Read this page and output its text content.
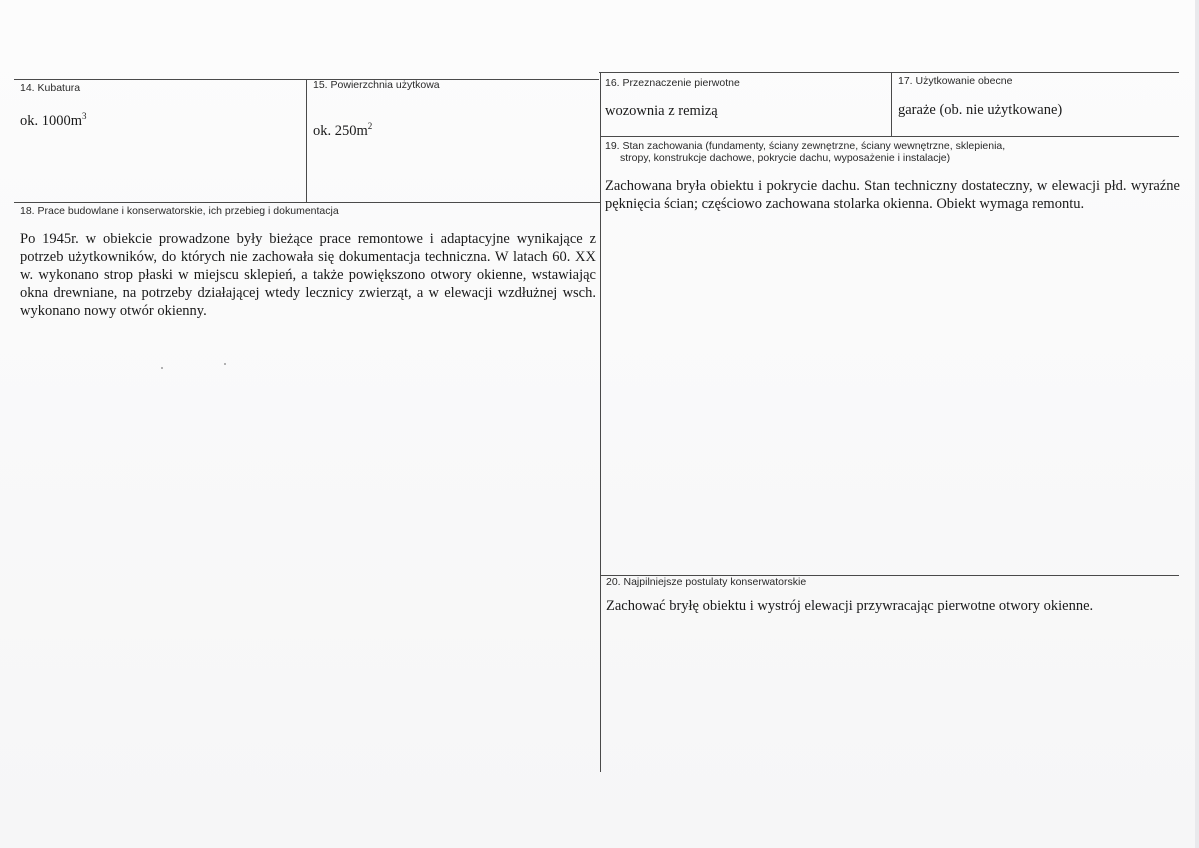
14. Kubatura
ok. $1000m^3$
15. Powierzchnia użytkowa
ok. $250m^2$
16. Przeznaczenie pierwotne
wozownia z remizą
17. Użytkowanie obecne
garaże (ob. nie użytkowane)
19. Stan zachowania (fundamenty, ściany zewnętrzne, ściany wewnętrzne, sklepienia,
stropy, konstrukcje dachowe, pokrycie dachu, wyposażenie i instalacje)
Zachowana bryła obiektu i pokrycie dachu. Stan techniczny dostateczny, w elewacji płd. wyraźne pęknięcia ścian; częściowo zachowana stolarka okienna. Obiekt wymaga remontu.
18. Prace budowlane i konserwatorskie, ich przebieg i dokumentacja
Po 1945r. w obiekcie prowadzone były bieżące prace remontowe i adaptacyjne wynikające z potrzeb użytkowników, do których nie zachowała się dokumentacja techniczna. W latach 60. XX w. wykonano strop płaski w miejscu sklepień, a także powiększono otwory okienne, wstawiając okna drewniane, na potrzeby działającej wtedy lecznicy zwierząt, a w elewacji wzdłużnej wsch. wykonano nowy otwór okienny.
20. Najpilniejsze postulaty konserwatorskie
Zachować bryłę obiektu i wystrój elewacji przywracając pierwotne otwory okienne.
